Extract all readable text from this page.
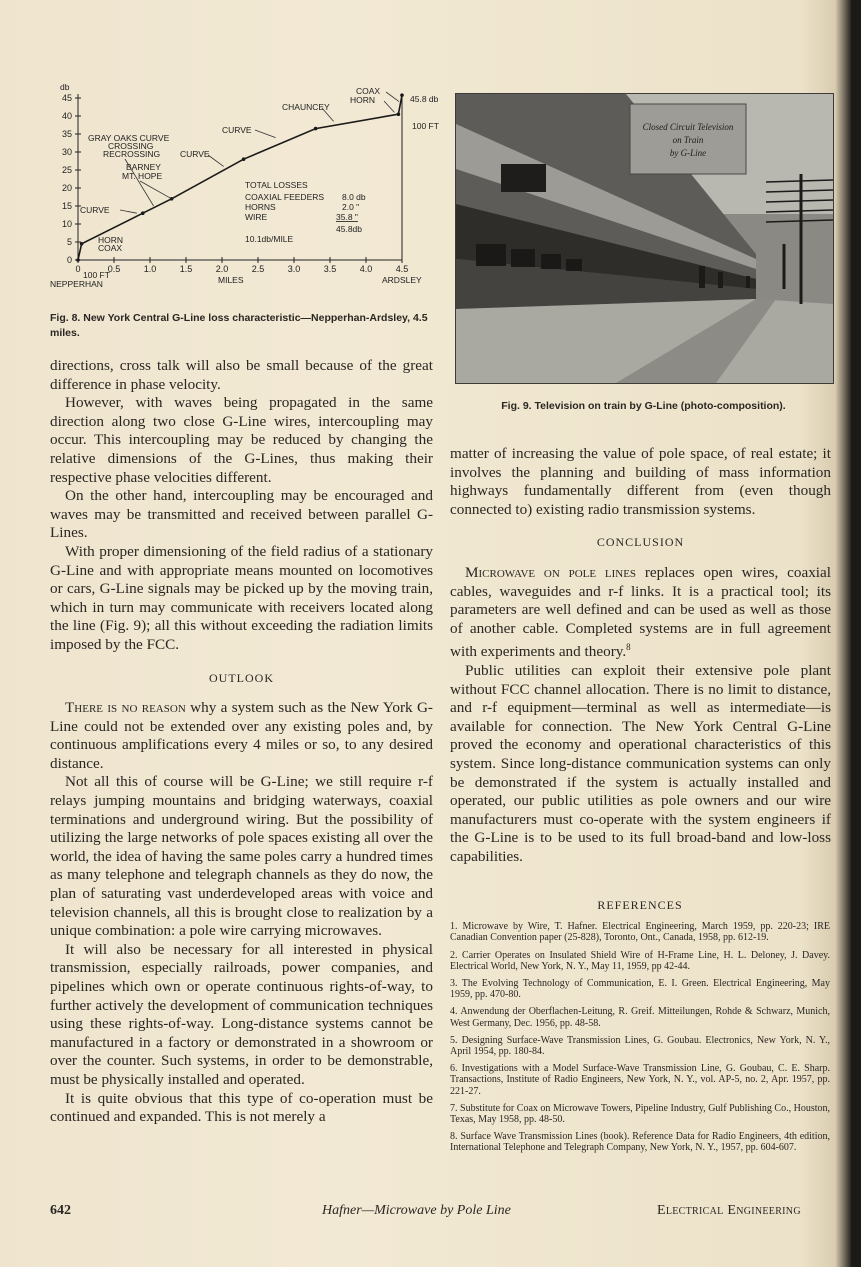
0
5
10
15
20
25
30
35
40
45
0	0.5	1.0	1.5	2.0	2.5	3.0	3.5	4.0	4.5
db
MILES
NEPPERHAN	ARDSLEY
100 FT
100 FT
45.8 db
HORN
COAX
CURVE
BARNEY
MT. HOPE
GRAY OAKS CURVE
CROSSING
RECROSSING CURVE
CURVE
CHAUNCEY
HORN
COAX
TOTAL LOSSES
COAXIAL FEEDERS 8.0 db
HORNS	2.0 "
WIRE	35.8 "
45.8db
10.1db/MILE
Fig. 8. New York Central G-Line loss characteristic—Nepperhan-Ardsley, 4.5 miles.
Closed Circuit Television
on Train
by G-Line
Fig. 9. Television on train by G-Line (photo-composition).

directions, cross talk will also be small because of the great difference in phase velocity.

However, with waves being propagated in the same direction along two close G-Line wires, intercoupling may occur. This intercoupling may be reduced by changing the relative dimensions of the G-Lines, thus making their respective phase velocities different.

On the other hand, intercoupling may be encouraged and waves may be transmitted and received between parallel G-Lines.

With proper dimensioning of the field radius of a stationary G-Line and with appropriate means mounted on locomotives or cars, G-Line signals may be picked up by the moving train, which in turn may communicate with receivers located along the line (Fig. 9); all this without exceeding the radiation limits imposed by the FCC.

OUTLOOK

There is no reason why a system such as the New York G-Line could not be extended over any existing poles and, by continuous amplifications every 4 miles or so, to any desired distance.

Not all this of course will be G-Line; we still require r-f relays jumping mountains and bridging waterways, coaxial terminations and underground wiring. But the possibility of utilizing the large networks of pole spaces existing all over the world, the idea of having the same poles carry a hundred times as many telephone and telegraph channels as they do now, the plan of saturating vast underdeveloped areas with voice and television channels, all this is brought close to realization by a unique combination: a pole wire carrying microwaves.

It will also be necessary for all interested in physical transmission, especially railroads, power companies, and pipelines which own or operate continuous rights-of-way, to further actively the development of communication techniques using these rights-of-way. Long-distance systems cannot be manufactured in a factory or demonstrated in a showroom or over the counter. Such systems, in order to be demonstrable, must be physically installed and operated.

It is quite obvious that this type of co-operation must be continued and expanded. This is not merely a

matter of increasing the value of pole space, of real estate; it involves the planning and building of mass information highways fundamentally different from (even though connected to) existing radio transmission systems.

CONCLUSION

Microwave on pole lines replaces open wires, coaxial cables, waveguides and r-f links. It is a practical tool; its parameters are well defined and can be used as well as those of another cable. Completed systems are in full agreement with experiments and theory.$^8$

Public utilities can exploit their extensive pole plant without FCC channel allocation. There is no limit to distance, and r-f equipment—terminal as well as intermediate—is available for connection. The New York Central G-Line proved the economy and operational characteristics of this system. Since long-distance communication systems can only be demonstrated if the system is actually installed and operated, our public utilities as pole owners and our wire manufacturers must co-operate with the system engineers if the G-Line is to be used to its full broad-band and low-loss capabilities.

REFERENCES
1. Microwave by Wire, T. Hafner. Electrical Engineering, March 1959, pp. 220-23; IRE Canadian Convention paper (25-828), Toronto, Ont., Canada, 1958, pp. 612-19.
2. Carrier Operates on Insulated Shield Wire of H-Frame Line, H. L. Deloney, J. Davey. Electrical World, New York, N. Y., May 11, 1959, pp 42-44.
3. The Evolving Technology of Communication, E. I. Green. Electrical Engineering, May 1959, pp. 470-80.
4. Anwendung der Oberflachen-Leitung, R. Greif. Mitteilungen, Rohde & Schwarz, Munich, West Germany, Dec. 1956, pp. 48-58.
5. Designing Surface-Wave Transmission Lines, G. Goubau. Electronics, New York, N. Y., April 1954, pp. 180-84.
6. Investigations with a Model Surface-Wave Transmission Line, G. Goubau, C. E. Sharp. Transactions, Institute of Radio Engineers, New York, N. Y., vol. AP-5, no. 2, Apr. 1957, pp. 221-27.
7. Substitute for Coax on Microwave Towers, Pipeline Industry, Gulf Publishing Co., Houston, Texas, May 1958, pp. 48-50.
8. Surface Wave Transmission Lines (book). Reference Data for Radio Engineers, 4th edition, International Telephone and Telegraph Company, New York, N. Y., 1957, pp. 604-607.
642	Hafner—Microwave by Pole Line	Electrical Engineering
